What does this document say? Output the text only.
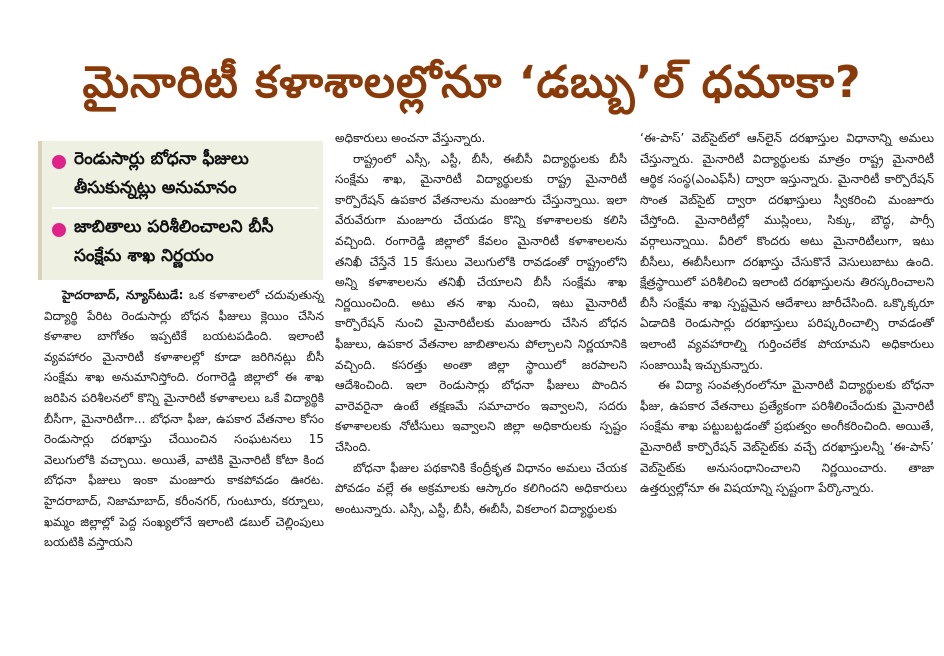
మైనారిటీ కళాశాలల్లోనూ ‘డబ్బు’ల్ ధమాకా?
రెండుసార్లు బోధనా ఫీజులు తీసుకున్నట్లు అనుమానం
జాబితాలు పరిశీలించాలని బీసీ సంక్షేమ శాఖ నిర్ణయం

హైదరాబాద్, న్యూస్‌టుడే: ఒక కళాశాలలో చదువుతున్న విద్యార్థి పేరిట రెండుసార్లు బోధన ఫీజులు క్లెయిం చేసిన కళాశాల బాగోతం ఇప్పటికే బయటపడింది. ఇలాంటి వ్యవహారం మైనారిటీ కళాశాలల్లో కూడా జరిగినట్లు బీసీ సంక్షేమ శాఖ అనుమానిస్తోంది. రంగారెడ్డి జిల్లాలో ఈ శాఖ జరిపిన పరిశీలనలో కొన్ని మైనారిటీ కళాశాలలు ఒకే విద్యార్థికి బీసీగా, మైనారిటీగా... బోధనా ఫీజు, ఉపకార వేతనాల కోసం రెండుసార్లు దరఖాస్తు చేయించిన సంఘటనలు 15 వెలుగులోకి వచ్చాయి. అయితే, వాటికి మైనారిటీ కోటా కింద బోధనా ఫీజులు ఇంకా మంజూరు కాకపోవడం ఊరట. హైదరాబాద్, నిజామాబాద్, కరీంనగర్, గుంటూరు, కర్నూలు, ఖమ్మం జిల్లాల్లో పెద్ద సంఖ్యలోనే ఇలాంటి డబుల్ చెల్లింపులు బయటికి వస్తాయని

అధికారులు అంచనా వేస్తున్నారు.

రాష్ట్రంలో ఎస్సీ, ఎస్టీ, బీసీ, ఈబీసీ విద్యార్థులకు బీసీ సంక్షేమ శాఖ, మైనారిటీ విద్యార్థులకు రాష్ట్ర మైనారిటీ కార్పొరేషన్ ఉపకార వేతనాలను మంజూరు చేస్తున్నాయి. ఇలా వేరువేరుగా మంజూరు చేయడం కొన్ని కళాశాలలకు కలిసి వచ్చింది. రంగారెడ్డి జిల్లాలో కేవలం మైనారిటీ కళాశాలలను తనిఖీ చేస్తేనే 15 కేసులు వెలుగులోకి రావడంతో రాష్ట్రంలోని అన్ని కళాశాలలను తనిఖీ చేయాలని బీసీ సంక్షేమ శాఖ నిర్ణయించింది. అటు తన శాఖ నుంచి, ఇటు మైనారిటీ కార్పొరేషన్ నుంచి మైనారిటీలకు మంజూరు చేసిన బోధన ఫీజులు, ఉపకార వేతనాల జాబితాలను పోల్చాలని నిర్ణయానికి వచ్చింది. కసరత్తు అంతా జిల్లా స్థాయిలో జరపాలని ఆదేశించింది. ఇలా రెండుసార్లు బోధనా ఫీజులు పొందిన వారెవరైనా ఉంటే తక్షణమే సమాచారం ఇవ్వాలని, సదరు కళాశాలలకు నోటీసులు ఇవ్వాలని జిల్లా అధికారులకు స్పష్టం చేసింది.

బోధనా ఫీజుల పథకానికి కేంద్రీకృత విధానం అమలు చేయక పోవడం వల్లే ఈ అక్రమాలకు ఆస్కారం కలిగిందని అధికారులు అంటున్నారు. ఎస్సీ, ఎస్టీ, బీసీ, ఈబీసీ, వికలాంగ విద్యార్థులకు

‘ఈ-పాస్’ వెబ్‌సైట్‌లో ఆన్‌లైన్ దరఖాస్తుల విధానాన్ని అమలు చేస్తున్నారు. మైనారిటీ విద్యార్థులకు మాత్రం రాష్ట్ర మైనారిటీ ఆర్థిక సంస్థ(ఎంఎఫ్‌సీ) ద్వారా ఇస్తున్నారు. మైనారిటీ కార్పొరేషన్ సొంత వెబ్‌సైట్ ద్వారా దరఖాస్తులు స్వీకరించి మంజూరు చేస్తోంది. మైనారిటీల్లో ముస్లింలు, సిక్కు, బౌద్ధ, పార్సీ వర్గాలున్నాయి. వీరిలో కొందరు అటు మైనారిటీలుగా, ఇటు బీసీలు, ఈబీసీలుగా దరఖాస్తు చేసుకొనే వెసులుబాటు ఉంది. క్షేత్రస్థాయిలో పరిశీలించి ఇలాంటి దరఖాస్తులను తిరస్కరించాలని బీసీ సంక్షేమ శాఖ స్పష్టమైన ఆదేశాలు జారీచేసింది. ఒక్కొక్కరూ ఏడాదికి రెండుసార్లు దరఖాస్తులు పరిష్కరించాల్సి రావడంతో ఇలాంటి వ్యవహారాల్ని గుర్తించలేక పోయామని అధికారులు సంజాయిషీ ఇచ్చుకున్నారు.

ఈ విద్యా సంవత్సరంలోనూ మైనారిటీ విద్యార్థులకు బోధనా ఫీజు, ఉపకార వేతనాలు ప్రత్యేకంగా పరిశీలించేందుకు మైనారిటీ సంక్షేమ శాఖ పట్టుబట్టడంతో ప్రభుత్వం అంగీకరించింది. అయితే, మైనారిటీ కార్పొరేషన్ వెబ్‌సైట్‌కు వచ్చే దరఖాస్తులన్నీ ‘ఈ-పాస్’ వెబ్‌సైట్‌కు అనుసంధానించాలని నిర్ణయించారు. తాజా ఉత్తర్వుల్లోనూ ఈ విషయాన్ని స్పష్టంగా పేర్కొన్నారు.
